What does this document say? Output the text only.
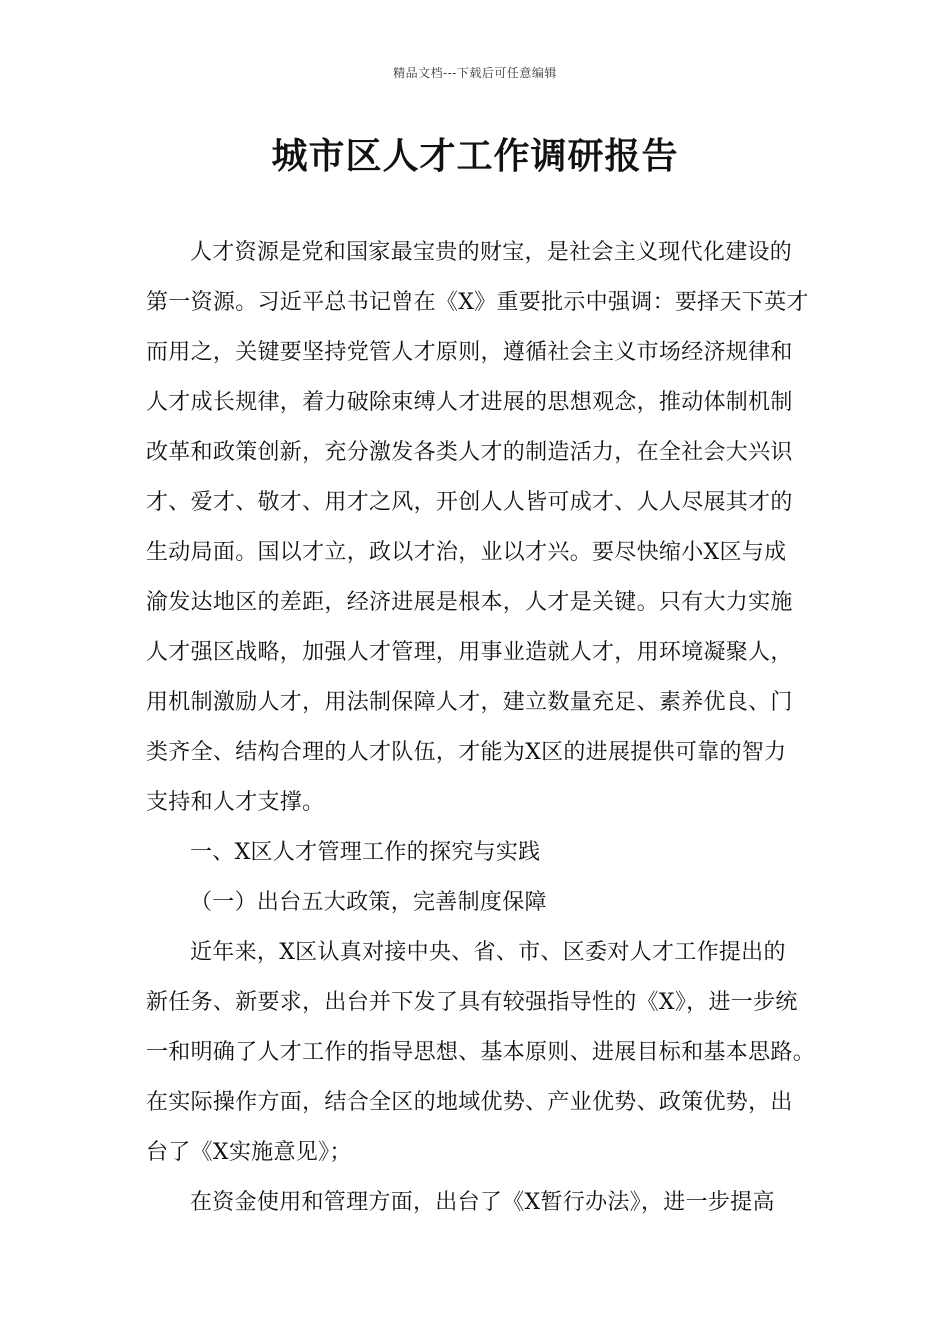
精品文档---下载后可任意编辑
城市区人才工作调研报告
人才资源是党和国家最宝贵的财宝，是社会主义现代化建设的
第一资源。习近平总书记曾在《X》重要批示中强调：要择天下英才
而用之，关键要坚持党管人才原则，遵循社会主义市场经济规律和
人才成长规律，着力破除束缚人才进展的思想观念，推动体制机制
改革和政策创新，充分激发各类人才的制造活力，在全社会大兴识
才、爱才、敬才、用才之风，开创人人皆可成才、人人尽展其才的
生动局面。国以才立，政以才治，业以才兴。要尽快缩小X区与成
渝发达地区的差距，经济进展是根本，人才是关键。只有大力实施
人才强区战略，加强人才管理，用事业造就人才，用环境凝聚人，
用机制激励人才，用法制保障人才，建立数量充足、素养优良、门
类齐全、结构合理的人才队伍，才能为X区的进展提供可靠的智力
支持和人才支撑。
一、X区人才管理工作的探究与实践
（一）出台五大政策，完善制度保障
近年来，X区认真对接中央、省、市、区委对人才工作提出的
新任务、新要求，出台并下发了具有较强指导性的《X》，进一步统
一和明确了人才工作的指导思想、基本原则、进展目标和基本思路。
在实际操作方面，结合全区的地域优势、产业优势、政策优势，出
台了《X实施意见》；
在资金使用和管理方面，出台了《X暂行办法》，进一步提高
